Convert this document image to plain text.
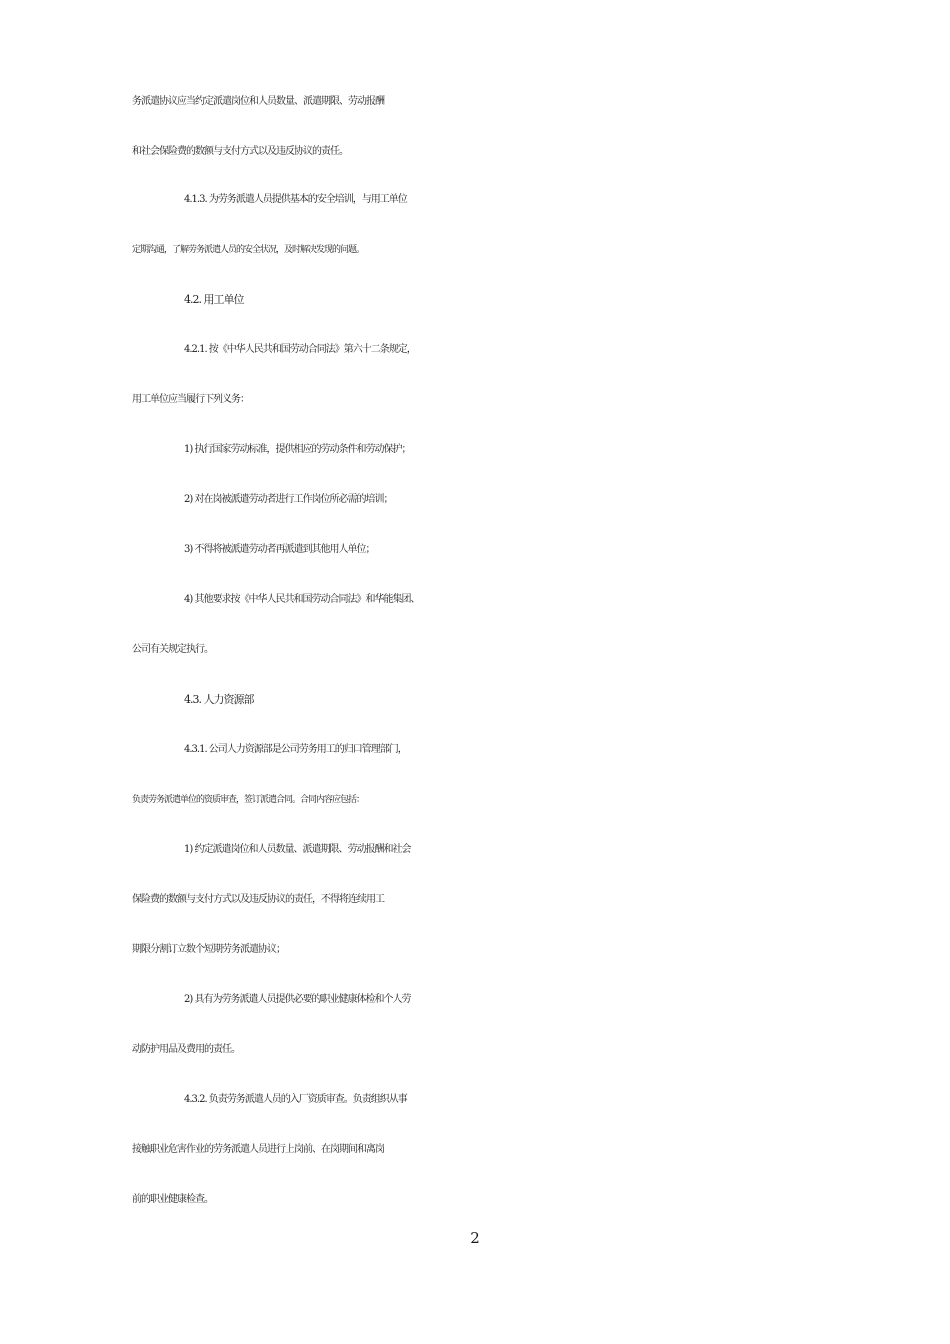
务派遣协议应当约定派遣岗位和人员数量、派遣期限、劳动报酬
和社会保险费的数额与支付方式以及违反协议的责任。
4.1.3. 为劳务派遣人员提供基本的安全培训，与用工单位
定期沟通，了解劳务派遣人员的安全状况，及时解决发现的问题。
4.2. 用工单位
4.2.1. 按《中华人民共和国劳动合同法》第六十二条规定，
用工单位应当履行下列义务：
1) 执行国家劳动标准，提供相应的劳动条件和劳动保护；
2) 对在岗被派遣劳动者进行工作岗位所必需的培训；
3) 不得将被派遣劳动者再派遣到其他用人单位；
4) 其他要求按《中华人民共和国劳动合同法》和华能集团、
公司有关规定执行。
4.3. 人力资源部
4.3.1. 公司人力资源部是公司劳务用工的归口管理部门，
负责劳务派遣单位的资质审查，签订派遣合同。合同内容应包括：
1) 约定派遣岗位和人员数量、派遣期限、劳动报酬和社会
保险费的数额与支付方式以及违反协议的责任，不得将连续用工
期限分割订立数个短期劳务派遣协议；
2) 具有为劳务派遣人员提供必要的职业健康体检和个人劳
动防护用品及费用的责任。
4.3.2. 负责劳务派遣人员的入厂资质审查。负责组织从事
接触职业危害作业的劳务派遣人员进行上岗前、在岗期间和离岗
前的职业健康检查。
2
